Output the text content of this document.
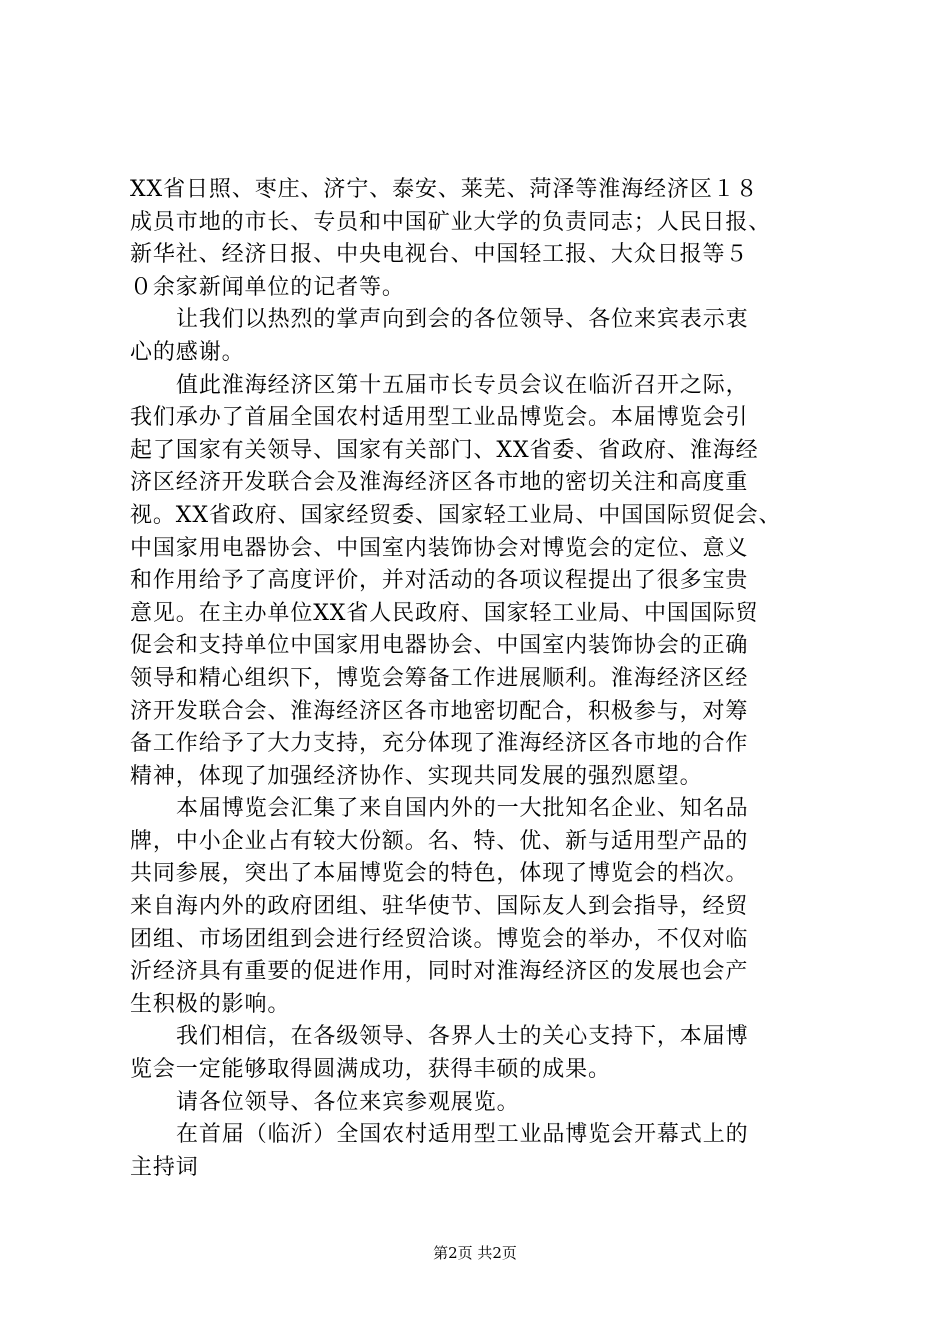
XX省日照、枣庄、济宁、泰安、莱芜、菏泽等淮海经济区１８
成员市地的市长、专员和中国矿业大学的负责同志；人民日报、
新华社、经济日报、中央电视台、中国轻工报、大众日报等５
０余家新闻单位的记者等。
让我们以热烈的掌声向到会的各位领导、各位来宾表示衷
心的感谢。
值此淮海经济区第十五届市长专员会议在临沂召开之际，
我们承办了首届全国农村适用型工业品博览会。本届博览会引
起了国家有关领导、国家有关部门、XX省委、省政府、淮海经
济区经济开发联合会及淮海经济区各市地的密切关注和高度重
视。XX省政府、国家经贸委、国家轻工业局、中国国际贸促会、
中国家用电器协会、中国室内装饰协会对博览会的定位、意义
和作用给予了高度评价，并对活动的各项议程提出了很多宝贵
意见。在主办单位XX省人民政府、国家轻工业局、中国国际贸
促会和支持单位中国家用电器协会、中国室内装饰协会的正确
领导和精心组织下，博览会筹备工作进展顺利。淮海经济区经
济开发联合会、淮海经济区各市地密切配合，积极参与，对筹
备工作给予了大力支持，充分体现了淮海经济区各市地的合作
精神，体现了加强经济协作、实现共同发展的强烈愿望。
本届博览会汇集了来自国内外的一大批知名企业、知名品
牌，中小企业占有较大份额。名、特、优、新与适用型产品的
共同参展，突出了本届博览会的特色，体现了博览会的档次。
来自海内外的政府团组、驻华使节、国际友人到会指导，经贸
团组、市场团组到会进行经贸洽谈。博览会的举办，不仅对临
沂经济具有重要的促进作用，同时对淮海经济区的发展也会产
生积极的影响。
我们相信，在各级领导、各界人士的关心支持下，本届博
览会一定能够取得圆满成功，获得丰硕的成果。
请各位领导、各位来宾参观展览。
在首届（临沂）全国农村适用型工业品博览会开幕式上的
主持词
第2页 共2页
